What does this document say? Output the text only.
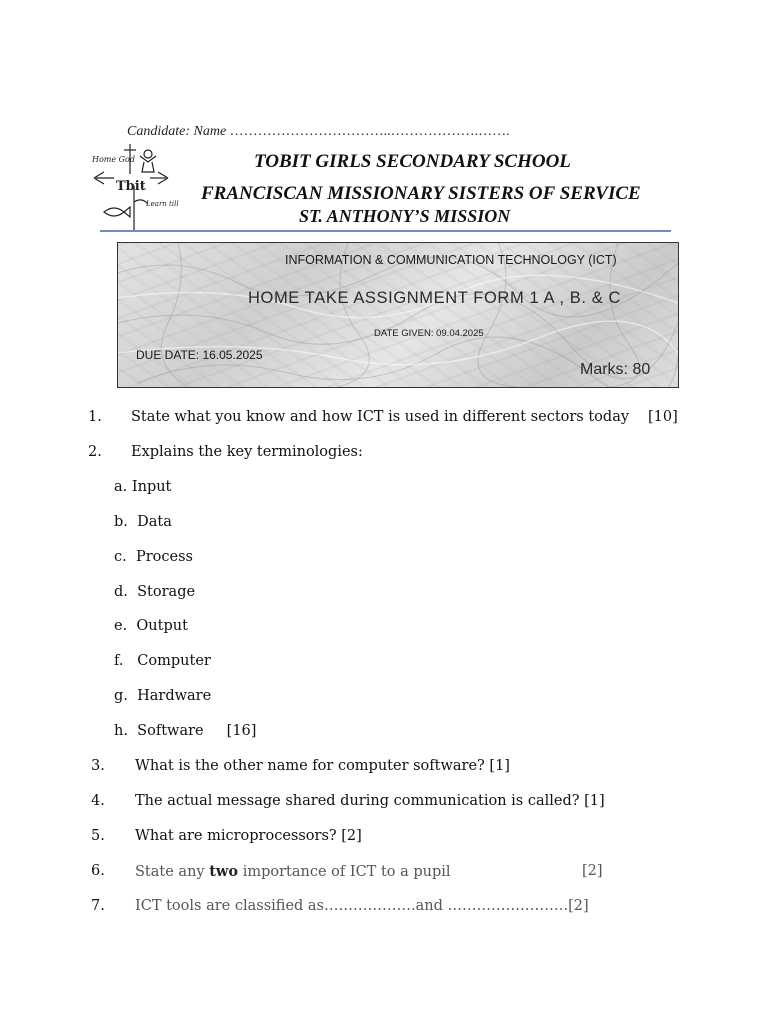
Candidate: Name ……………………………..……………….…….
Home God
Tbit
Learn till
TOBIT GIRLS SECONDARY SCHOOL
FRANCISCAN MISSIONARY SISTERS OF SERVICE
ST. ANTHONY’S MISSION
INFORMATION & COMMUNICATION TECHNOLOGY (ICT)
HOME TAKE ASSIGNMENT FORM 1 A , B. & C
DATE GIVEN: 09.04.2025
DUE DATE: 16.05.2025
Marks: 80
1. State what you know and how ICT is used in different sectors today [10]
2. Explains the key terminologies:
a. Input
b. Data
c. Process
d. Storage
e. Output
f. Computer
g. Hardware
h. Software [16]
3. What is the other name for computer software? [1]
4. The actual message shared during communication is called? [1]
5. What are microprocessors? [2]
6. State any two importance of ICT to a pupil	[2]
7. ICT tools are classified as……………….and …………………….[2]
